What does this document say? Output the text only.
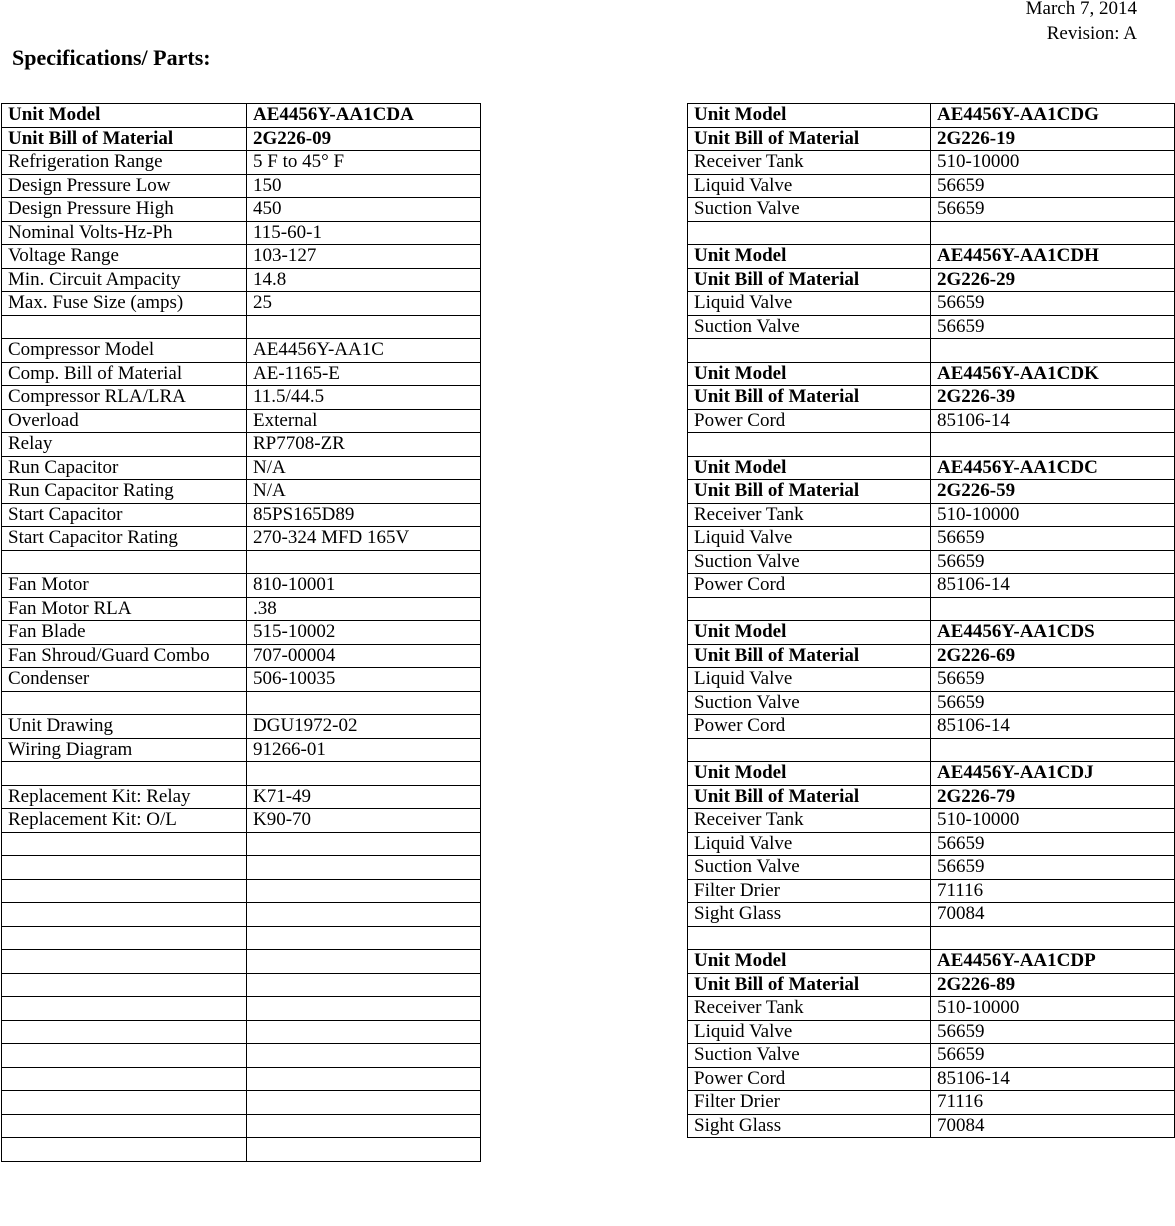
March 7, 2014
Revision: A
Specifications/ Parts:
Unit Model	AE4456Y-AA1CDA
Unit Bill of Material	2G226-09
Refrigeration Range	5 F to 45° F
Design Pressure Low	150
Design Pressure High	450
Nominal Volts-Hz-Ph	115-60-1
Voltage Range	103-127
Min. Circuit Ampacity	14.8
Max. Fuse Size (amps)	25

Compressor Model	AE4456Y-AA1C
Comp. Bill of Material	AE-1165-E
Compressor RLA/LRA	11.5/44.5
Overload	External
Relay	RP7708-ZR
Run Capacitor	N/A
Run Capacitor Rating	N/A
Start Capacitor	85PS165D89
Start Capacitor Rating	270-324 MFD 165V

Fan Motor	810-10001
Fan Motor RLA	.38
Fan Blade	515-10002
Fan Shroud/Guard Combo	707-00004
Condenser	506-10035

Unit Drawing	DGU1972-02
Wiring Diagram	91266-01

Replacement Kit: Relay	K71-49
Replacement Kit: O/L	K90-70

Unit Model	AE4456Y-AA1CDG
Unit Bill of Material	2G226-19
Receiver Tank	510-10000
Liquid Valve	56659
Suction Valve	56659

Unit Model	AE4456Y-AA1CDH
Unit Bill of Material	2G226-29
Liquid Valve	56659
Suction Valve	56659

Unit Model	AE4456Y-AA1CDK
Unit Bill of Material	2G226-39
Power Cord	85106-14

Unit Model	AE4456Y-AA1CDC
Unit Bill of Material	2G226-59
Receiver Tank	510-10000
Liquid Valve	56659
Suction Valve	56659
Power Cord	85106-14

Unit Model	AE4456Y-AA1CDS
Unit Bill of Material	2G226-69
Liquid Valve	56659
Suction Valve	56659
Power Cord	85106-14

Unit Model	AE4456Y-AA1CDJ
Unit Bill of Material	2G226-79
Receiver Tank	510-10000
Liquid Valve	56659
Suction Valve	56659
Filter Drier	71116
Sight Glass	70084

Unit Model	AE4456Y-AA1CDP
Unit Bill of Material	2G226-89
Receiver Tank	510-10000
Liquid Valve	56659
Suction Valve	56659
Power Cord	85106-14
Filter Drier	71116
Sight Glass	70084
